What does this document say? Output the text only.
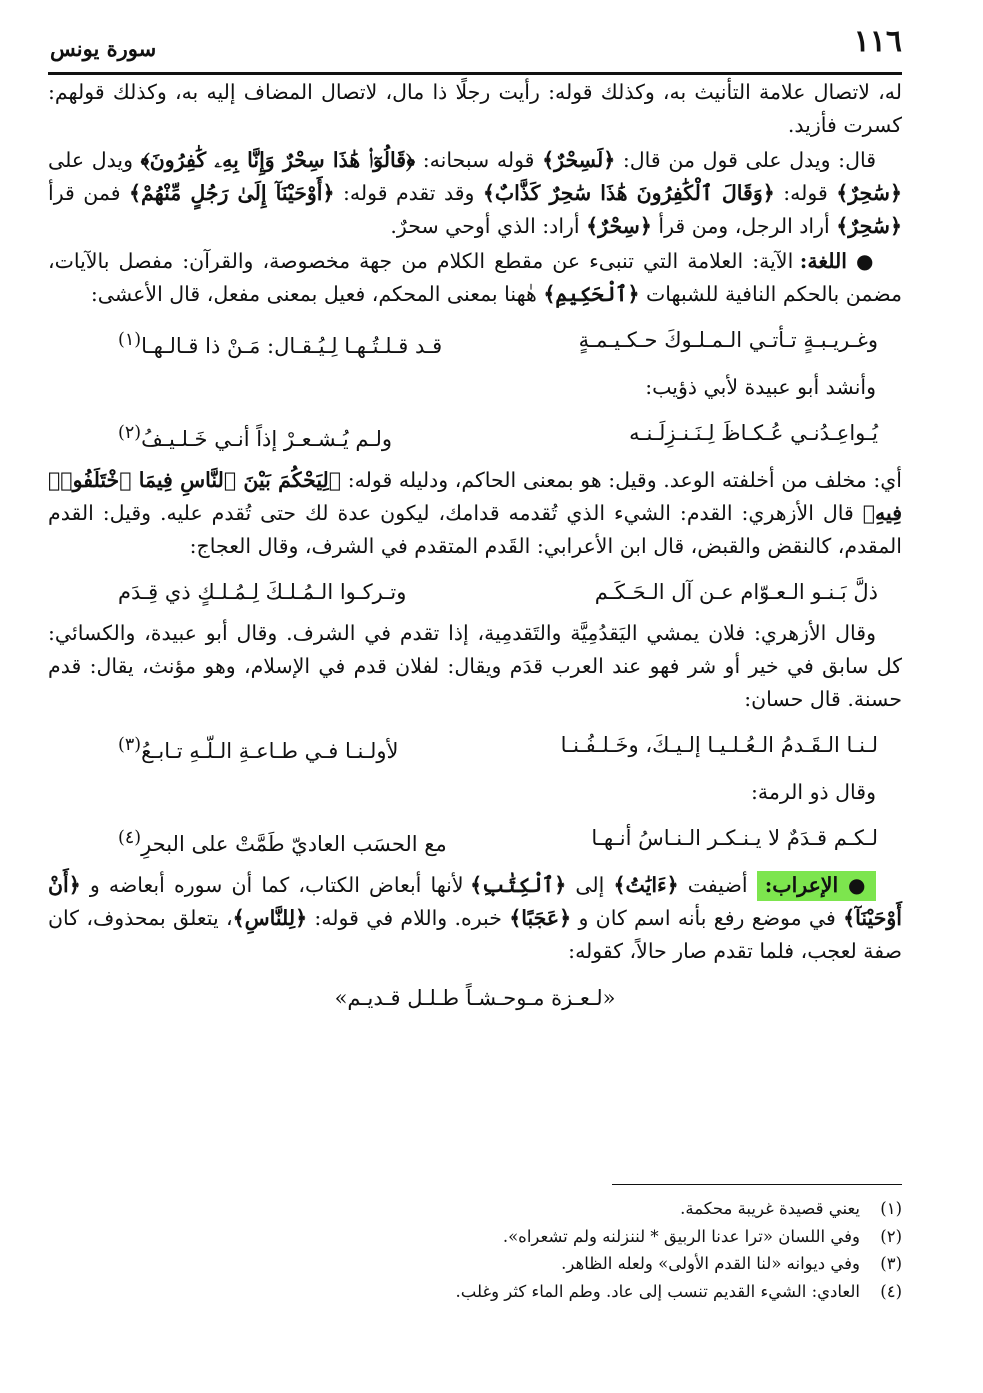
١١٦
سورة يونس

له، لاتصال علامة التأنيث به، وكذلك قوله: رأيت رجلًا ذا مال، لاتصال المضاف إليه به، وكذلك قولهم: كسرت فأزيد.

قال: ويدل على قول من قال: ﴿لَسِحْرٌ﴾ قوله سبحانه: ﴿قَالُوٓا۟ هَٰذَا سِحْرٌ وَإِنَّا بِهِۦ كَٰفِرُونَ﴾ ويدل على ﴿سَٰحِرٌ﴾ قوله: ﴿وَقَالَ ٱلْكَٰفِرُونَ هَٰذَا سَٰحِرٌ كَذَّابٌ﴾ وقد تقدم قوله: ﴿أَوْحَيْنَآ إِلَىٰ رَجُلٍ مِّنْهُمْ﴾ فمن قرأ ﴿سَٰحِرٌ﴾ أراد الرجل، ومن قرأ ﴿سِحْرٌ﴾ أراد: الذي أوحي سحرٌ.

● اللغة: الآية: العلامة التي تنبىء عن مقطع الكلام من جهة مخصوصة، والقرآن: مفصل بالآيات، مضمن بالحكم النافية للشبهات ﴿ٱلْحَكِيمِ﴾ هٰهنا بمعنى المحكم، فعيل بمعنى مفعل، قال الأعشى:

وغـريـبـةٍ تـأتـي الـمـلـوكَ حـكـيـمـةٍ
قـد قـلـتُـهـا لِـيُـقـال: مَـنْ ذا قـالـهـا$^{(١)}$

وأنشد أبو عبيدة لأبي ذؤيب:

يُـواعِـدُنـي عُـكـاظَ لِـنَـنـزِلَـنـه
ولـم يُـشـعـرْ إذاً أنـي خَـلـيـفُ$^{(٢)}$

أي: مخلف من أخلفته الوعد. وقيل: هو بمعنى الحاكم، ودليله قوله: ﴿لِيَحْكُمَ بَيْنَ ٱلنَّاسِ فِيمَا ٱخْتَلَفُوا۟ فِيهِ﴾ قال الأزهري: القدم: الشيء الذي تُقدمه قدامك، ليكون عدة لك حتى تُقدم عليه. وقيل: القدم المقدم، كالنقض والقبض، قال ابن الأعرابي: القَدم المتقدم في الشرف، وقال العجاج:

ذلَّ بَـنـو الـعـوّام عـن آل الـحَـكَـم
وتـركـوا الـمُـلـكَ لِـمُـلـكٍ ذي قِـدَم

وقال الأزهري: فلان يمشي اليَقدُمِيَّة والتَقدمِية، إذا تقدم في الشرف. وقال أبو عبيدة، والكسائي: كل سابق في خير أو شر فهو عند العرب قدَم ويقال: لفلان قدم في الإسلام، وهو مؤنث، يقال: قدم حسنة. قال حسان:

لـنـا الـقَـدمُ الـعُـلـيـا إلـيـكَ، وخَـلـفُـنـا
لأولـنـا فـي طـاعـةِ الـلّـهِ تـابـعُ$^{(٣)}$

وقال ذو الرمة:

لـكـم قـدَمٌ لا يـنـكـر الـنـاسُ أنـهـا
مع الحسَب العاديّ طَمَّتْ على البحرِ$^{(٤)}$

● الإعراب: أضيفت ﴿ءَايَٰتُ﴾ إلى ﴿ٱلْكِتَٰبِ﴾ لأنها أبعاض الكتاب، كما أن سوره أبعاضه و ﴿أَنْ أَوْحَيْنَآ﴾ في موضع رفع بأنه اسم كان و ﴿عَجَبًا﴾ خبره. واللام في قوله: ﴿لِلنَّاسِ﴾، يتعلق بمحذوف، كان صفة لعجب، فلما تقدم صار حالاً، كقوله:

«لـعـزة مـوحـشـاً طـلـل قـديـم»
(١)
يعني قصيدة غريبة محكمة.
(٢)
وفي اللسان «ترا عدنا الربيق * لننزلنه ولم تشعراه».
(٣)
وفي ديوانه «لنا القدم الأولى» ولعله الظاهر.
(٤)
العادي: الشيء القديم تنسب إلى عاد. وطم الماء كثر وغلب.
